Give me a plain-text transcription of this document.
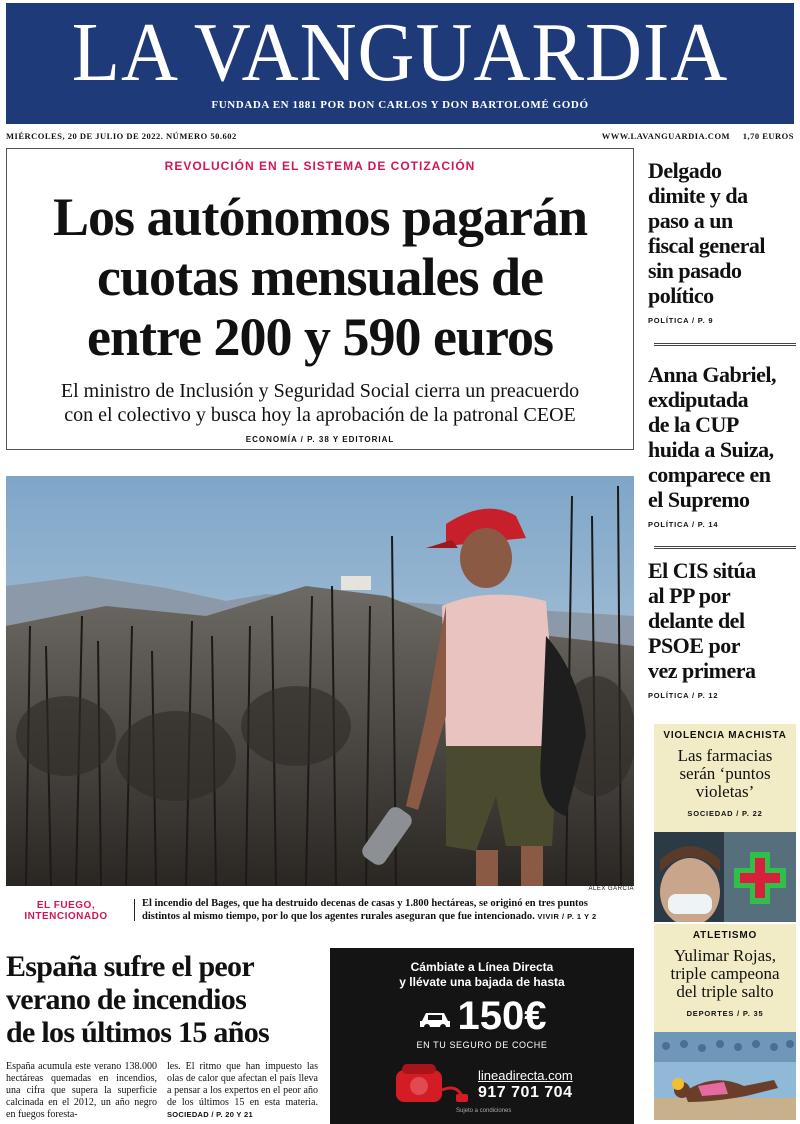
LA VANGUARDIA
FUNDADA EN 1881 POR DON CARLOS Y DON BARTOLOMÉ GODÓ
MIÉRCOLES, 20 DE JULIO DE 2022. NÚMERO 50.602	WWW.LAVANGUARDIA.COM 1,70 EUROS
REVOLUCIÓN EN EL SISTEMA DE COTIZACIÓN
Los autónomos pagarán
cuotas mensuales de
entre 200 y 590 euros
El ministro de Inclusión y Seguridad Social cierra un preacuerdo
con el colectivo y busca hoy la aprobación de la patronal CEOE
ECONOMÍA / P. 38 Y EDITORIAL
Delgado
dimite y da
paso a un
fiscal general
sin pasado
político
POLÍTICA / P. 9
Anna Gabriel,
exdiputada
de la CUP
huida a Suiza,
comparece en
el Supremo
POLÍTICA / P. 14
El CIS sitúa
al PP por
delante del
PSOE por
vez primera
POLÍTICA / P. 12
ÀLEX GARCIA
EL FUEGO,
INTENCIONADO
El incendio del Bages, que ha destruido decenas de casas y 1.800 hectáreas, se originó en tres puntos
distintos al mismo tiempo, por lo que los agentes rurales aseguran que fue intencionado. VIVIR / P. 1 Y 2
España sufre el peor
verano de incendios
de los últimos 15 años
España acumula este verano 138.000 hectáreas quemadas en incendios, una cifra que supera la superficie calcinada en el 2012, un año negro en fuegos foresta-
les. El ritmo que han impuesto las olas de calor que afectan el país lleva a pensar a los expertos en el peor año de los últimos 15 en esta materia. SOCIEDAD / P. 20 Y 21
Cámbiate a Línea Directa
y llévate una bajada de hasta
150€
EN TU SEGURO DE COCHE
lineadirecta.com
917 701 704
Sujeto a condiciones
VIOLENCIA MACHISTA
Las farmacias
serán ‘puntos
violetas’
SOCIEDAD / P. 22
ATLETISMO
Yulimar Rojas,
triple campeona
del triple salto
DEPORTES / P. 35
